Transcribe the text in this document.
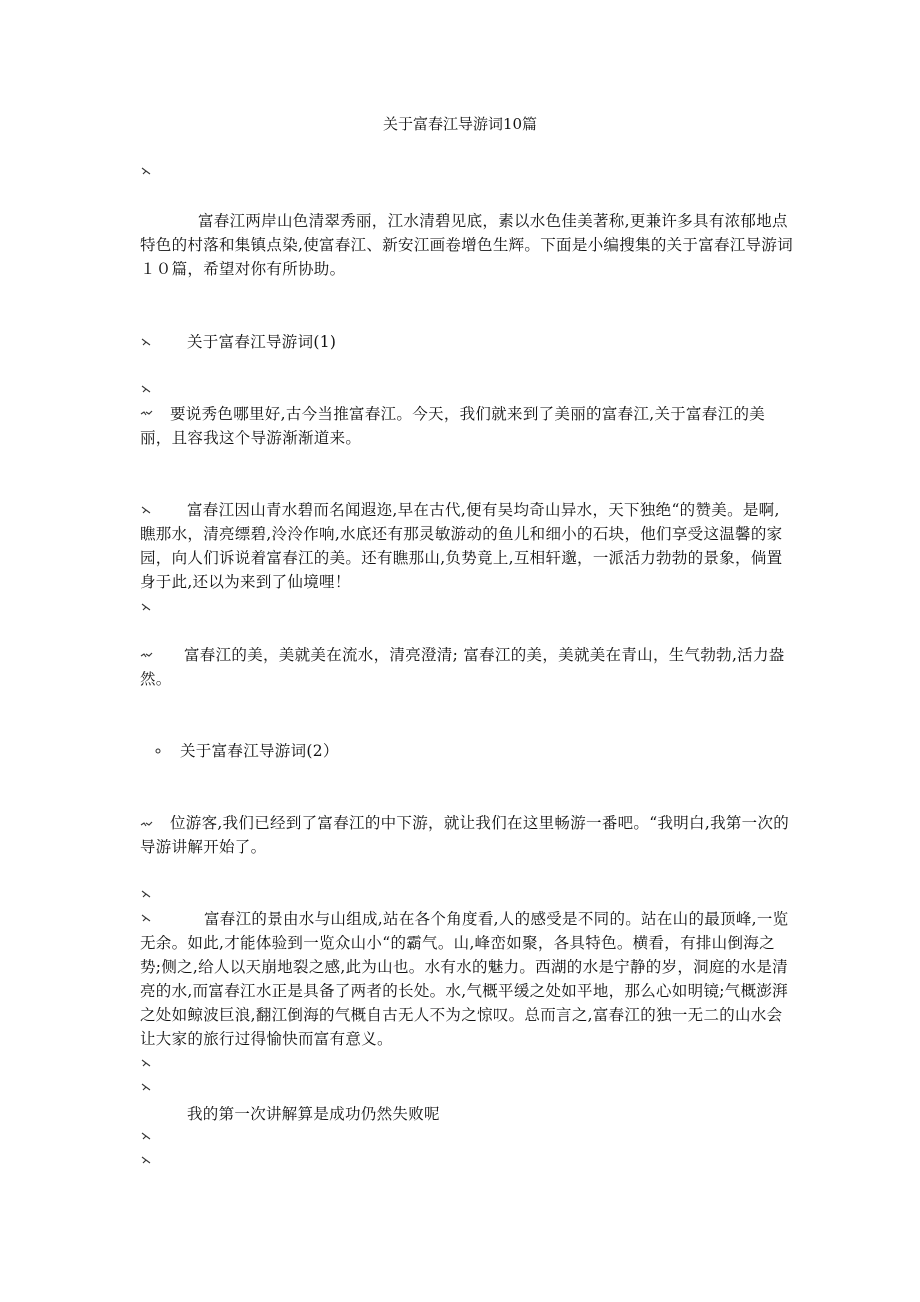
关于富春江导游词10篇
富春江两岸山色清翠秀丽，江水清碧见底，素以水色佳美著称,更兼许多具有浓郁地点特色的村落和集镇点染,使富春江、新安江画卷增色生辉。下面是小编搜集的关于富春江导游词１０篇，希望对你有所协助。
关于富春江导游词(1)
要说秀色哪里好,古今当推富春江。今天，我们就来到了美丽的富春江,关于富春江的美丽，且容我这个导游渐渐道来。
富春江因山青水碧而名闻遐迩,早在古代,便有吴均奇山异水，天下独绝“的赞美。是啊,瞧那水，清亮缥碧,泠泠作响,水底还有那灵敏游动的鱼儿和细小的石块，他们享受这温馨的家园，向人们诉说着富春江的美。还有瞧那山,负势竟上,互相轩邈，一派活力勃勃的景象，倘置身于此,还以为来到了仙境哩！
富春江的美，美就美在流水，清亮澄清; 富春江的美，美就美在青山，生气勃勃,活力盎然。
关于富春江导游词(2）
位游客,我们已经到了富春江的中下游，就让我们在这里畅游一番吧。“我明白,我第一次的导游讲解开始了。
富春江的景由水与山组成,站在各个角度看,人的感受是不同的。站在山的最顶峰,一览无余。如此,才能体验到一览众山小“的霸气。山,峰峦如聚，各具特色。横看，有排山倒海之势;侧之,给人以天崩地裂之感,此为山也。水有水的魅力。西湖的水是宁静的岁，洞庭的水是清亮的水,而富春江水正是具备了两者的长处。水,气概平缓之处如平地，那么心如明镜;气概澎湃之处如鲸波巨浪,翻江倒海的气概自古无人不为之惊叹。总而言之,富春江的独一无二的山水会让大家的旅行过得愉快而富有意义。
我的第一次讲解算是成功仍然失败呢
